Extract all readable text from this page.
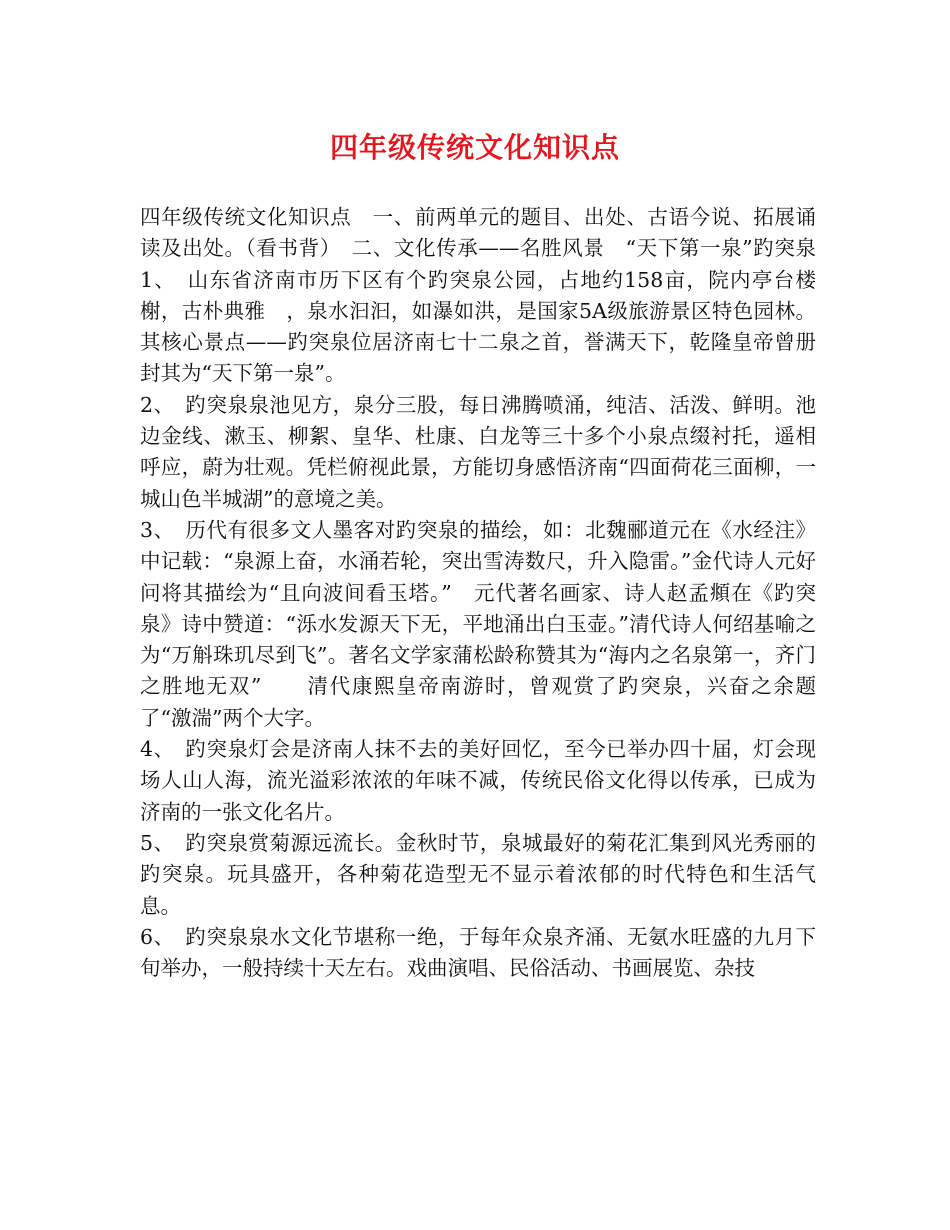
四年级传统文化知识点

四年级传统文化知识点　一、前两单元的题目、出处、古语今说、拓展诵读及出处。（看书背）　二、文化传承——名胜风景　“天下第一泉”趵突泉　1、　山东省济南市历下区有个趵突泉公园，占地约158亩，院内亭台楼榭，古朴典雅　，泉水汩汩，如瀑如洪，是国家5A级旅游景区特色园林。其核心景点——趵突泉位居济南七十二泉之首，誉满天下，乾隆皇帝曾册封其为“天下第一泉”。

2、　趵突泉泉池见方，泉分三股，每日沸腾喷涌，纯洁、活泼、鲜明。池边金线、漱玉、柳絮、皇华、杜康、白龙等三十多个小泉点缀衬托，遥相呼应，蔚为壮观。凭栏俯视此景，方能切身感悟济南“四面荷花三面柳，一城山色半城湖”的意境之美。

3、　历代有很多文人墨客对趵突泉的描绘，如：北魏郦道元在《水经注》中记载：“泉源上奋，水涌若轮，突出雪涛数尺，升入隐雷。”金代诗人元好问将其描绘为“且向波间看玉塔。”　元代著名画家、诗人赵孟頫在《趵突泉》诗中赞道：“泺水发源天下无，平地涌出白玉壶。”清代诗人何绍基喻之为“万斛珠玑尽到飞”。著名文学家蒲松龄称赞其为“海内之名泉第一，齐门之胜地无双”　　清代康熙皇帝南游时，曾观赏了趵突泉，兴奋之余题了“激湍”两个大字。

4、　趵突泉灯会是济南人抹不去的美好回忆，至今已举办四十届，灯会现场人山人海，流光溢彩浓浓的年味不减，传统民俗文化得以传承，已成为济南的一张文化名片。

5、　趵突泉赏菊源远流长。金秋时节，泉城最好的菊花汇集到风光秀丽的趵突泉。玩具盛开，各种菊花造型无不显示着浓郁的时代特色和生活气息。

6、　趵突泉泉水文化节堪称一绝，于每年众泉齐涌、无氨水旺盛的九月下旬举办，一般持续十天左右。戏曲演唱、民俗活动、书画展览、杂技
